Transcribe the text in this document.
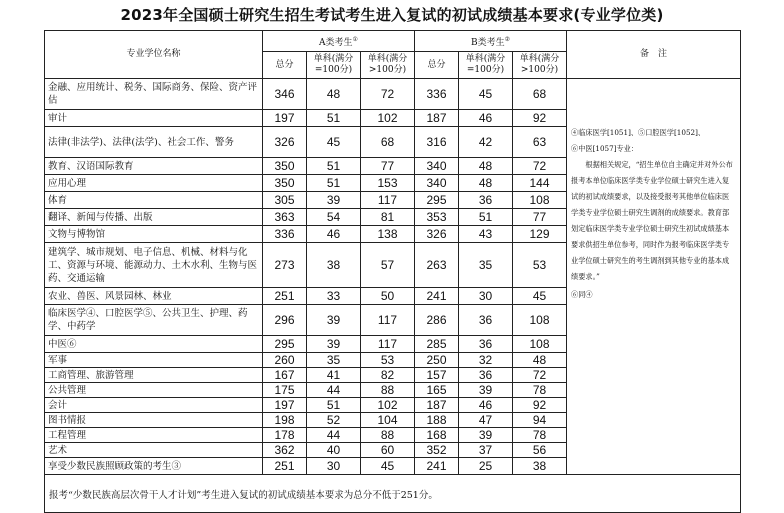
2023年全国硕士研究生招生考试考生进入复试的初试成绩基本要求(专业学位类)
专业学位名称	A类考生①			B类考生②			备　注
	总分	单科(满分=100分)	单科(满分>100分)	总分	单科(满分=100分)	单科(满分>100分)	
金融、应用统计、税务、国际商务、保险、资产评估	346	48	72	336	45	68	④临床医学[1051]、⑤口腔医学[1052]、

⑥中医[1057]专业：

根据相关规定，“招生单位自主确定并对外公布报考本单位临床医学类专业学位硕士研究生进入复试的初试成绩要求，以及接受报考其他单位临床医学类专业学位硕士研究生调剂的成绩要求。教育部划定临床医学类专业学位硕士研究生初试成绩基本要求供招生单位参考，同时作为报考临床医学类专业学位硕士研究生的考生调剂到其他专业的基本成绩要求。”

⑥同④

审计	197	51	102	187	46	92	
法律(非法学)、法律(法学)、社会工作、警务	326	45	68	316	42	63	
教育、汉语国际教育	350	51	77	340	48	72	
应用心理	350	51	153	340	48	144	
体育	305	39	117	295	36	108	
翻译、新闻与传播、出版	363	54	81	353	51	77	
文物与博物馆	336	46	138	326	43	129	
建筑学、城市规划、电子信息、机械、材料与化工、资源与环境、能源动力、土木水利、生物与医药、交通运输	273	38	57	263	35	53	
农业、兽医、风景园林、林业	251	33	50	241	30	45	
临床医学④、口腔医学⑤、公共卫生、护理、药学、中药学	296	39	117	286	36	108	
中医⑥	295	39	117	285	36	108	
军事	260	35	53	250	32	48	
工商管理、旅游管理	167	41	82	157	36	72	
公共管理	175	44	88	165	39	78	
会计	197	51	102	187	46	92	
图书情报	198	52	104	188	47	94	
工程管理	178	44	88	168	39	78	
艺术	362	40	60	352	37	56	
享受少数民族照顾政策的考生③	251	30	45	241	25	38	
报考“少数民族高层次骨干人才计划”考生进入复试的初试成绩基本要求为总分不低于251分。							
